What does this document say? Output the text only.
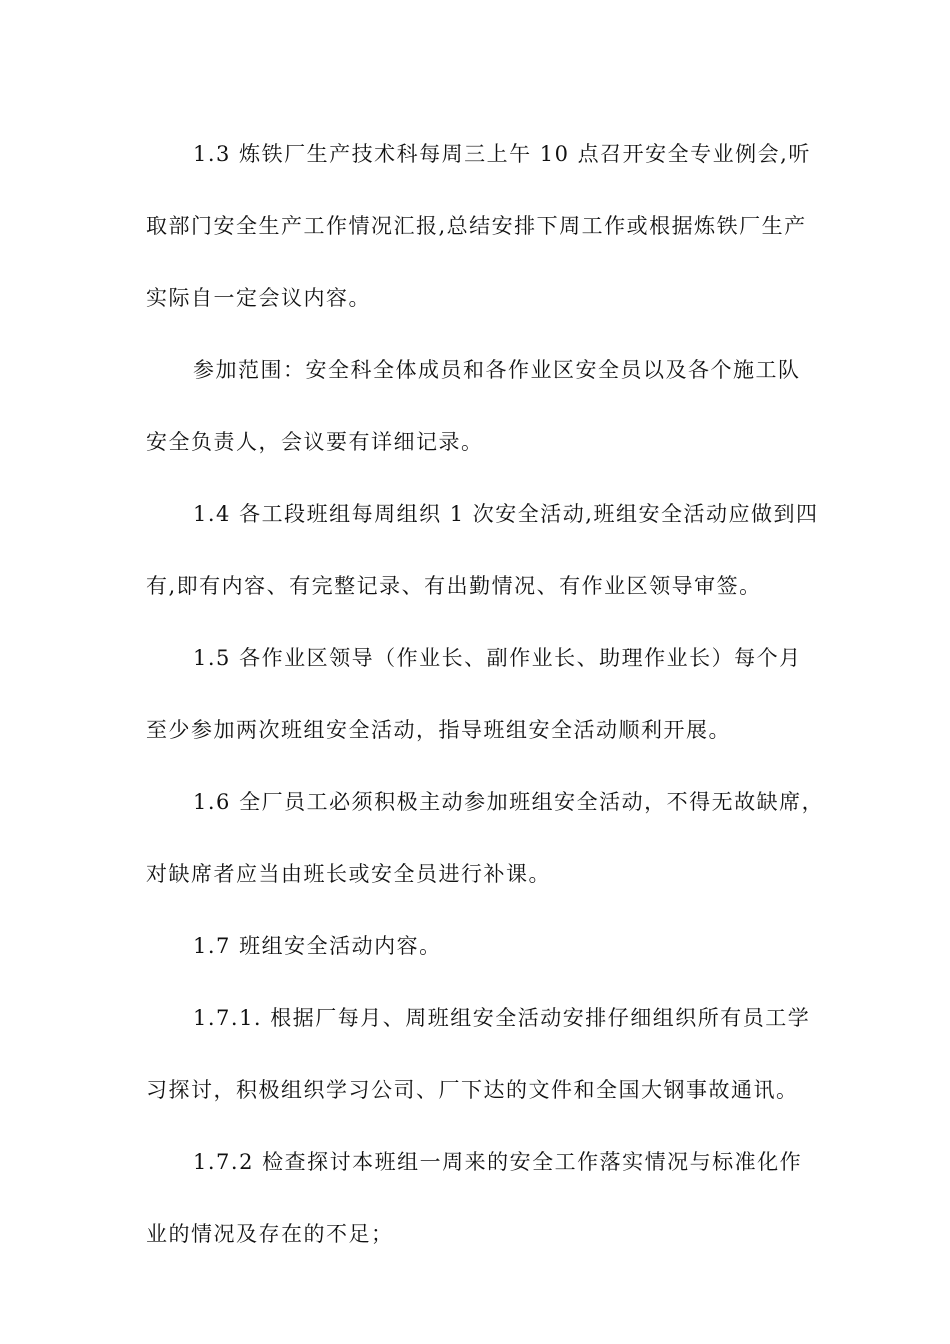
1.3 炼铁厂生产技术科每周三上午 10 点召开安全专业例会,听
取部门安全生产工作情况汇报,总结安排下周工作或根据炼铁厂生产
实际自一定会议内容。
参加范围：安全科全体成员和各作业区安全员以及各个施工队
安全负责人，会议要有详细记录。
1.4 各工段班组每周组织 1 次安全活动,班组安全活动应做到四
有,即有内容、有完整记录、有出勤情况、有作业区领导审签。
1.5 各作业区领导（作业长、副作业长、助理作业长）每个月
至少参加两次班组安全活动，指导班组安全活动顺利开展。
1.6 全厂员工必须积极主动参加班组安全活动，不得无故缺席，
对缺席者应当由班长或安全员进行补课。
1.7 班组安全活动内容。
1.7.1. 根据厂每月、周班组安全活动安排仔细组织所有员工学
习探讨，积极组织学习公司、厂下达的文件和全国大钢事故通讯。
1.7.2 检查探讨本班组一周来的安全工作落实情况与标准化作
业的情况及存在的不足；
